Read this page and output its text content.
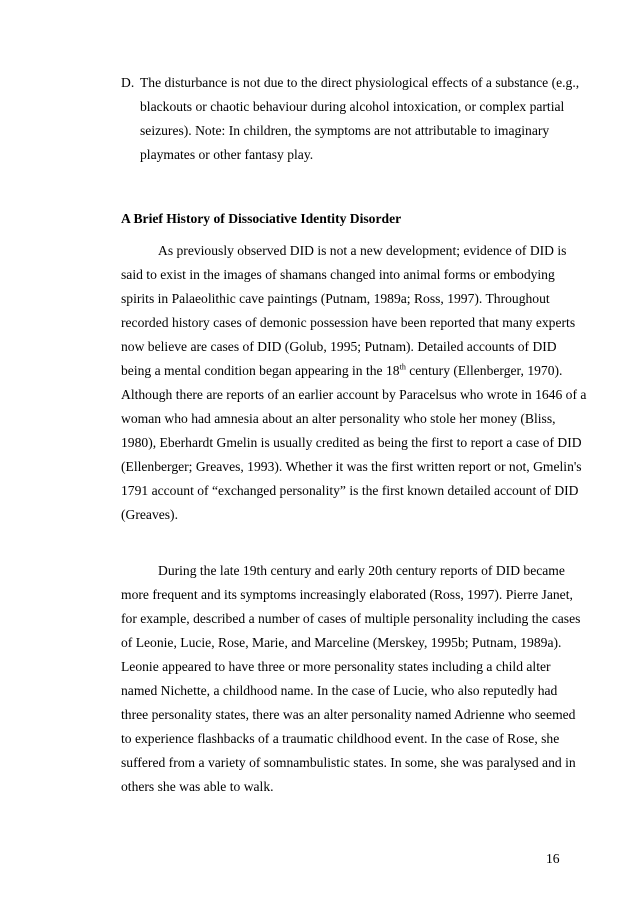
D. The disturbance is not due to the direct physiological effects of a substance (e.g.,
blackouts or chaotic behaviour during alcohol intoxication, or complex partial
seizures). Note: In children, the symptoms are not attributable to imaginary
playmates or other fantasy play.
A Brief History of Dissociative Identity Disorder
As previously observed DID is not a new development; evidence of DID is
said to exist in the images of shamans changed into animal forms or embodying
spirits in Palaeolithic cave paintings (Putnam, 1989a; Ross, 1997). Throughout
recorded history cases of demonic possession have been reported that many experts
now believe are cases of DID (Golub, 1995; Putnam). Detailed accounts of DID
being a mental condition began appearing in the 18th century (Ellenberger, 1970).
Although there are reports of an earlier account by Paracelsus who wrote in 1646 of a
woman who had amnesia about an alter personality who stole her money (Bliss,
1980), Eberhardt Gmelin is usually credited as being the first to report a case of DID
(Ellenberger; Greaves, 1993). Whether it was the first written report or not, Gmelin's
1791 account of “exchanged personality” is the first known detailed account of DID
(Greaves).
During the late 19th century and early 20th century reports of DID became
more frequent and its symptoms increasingly elaborated (Ross, 1997). Pierre Janet,
for example, described a number of cases of multiple personality including the cases
of Leonie, Lucie, Rose, Marie, and Marceline (Merskey, 1995b; Putnam, 1989a).
Leonie appeared to have three or more personality states including a child alter
named Nichette, a childhood name. In the case of Lucie, who also reputedly had
three personality states, there was an alter personality named Adrienne who seemed
to experience flashbacks of a traumatic childhood event. In the case of Rose, she
suffered from a variety of somnambulistic states. In some, she was paralysed and in
others she was able to walk.
16
